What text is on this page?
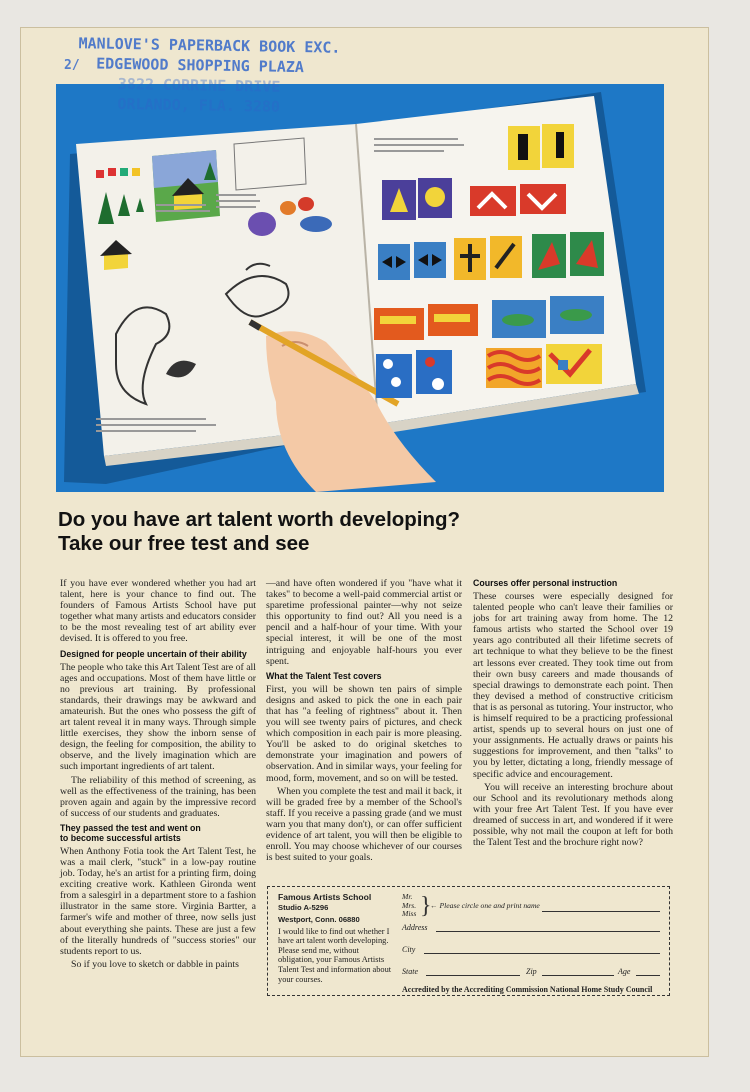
MANLOVE'S PAPERBACK BOOK EXC.
EDGEWOOD SHOPPING PLAZA
3822 CORRINE DRIVE
ORLANDO, FLA. 3280
2/
Do you have art talent worth developing?
Take our free test and see

If you have ever wondered whether you had art talent, here is your chance to find out. The founders of Famous Artists School have put together what many artists and educators consider to be the most revealing test of art ability ever devised. It is offered to you free.

Designed for people uncertain of their ability

The people who take this Art Talent Test are of all ages and occupations. Most of them have little or no previous art training. By professional standards, their drawings may be awkward and amateurish. But the ones who possess the gift of art talent reveal it in many ways. Through simple little exercises, they show the inborn sense of design, the feeling for composition, the ability to observe, and the lively imagination which are such important ingredients of art talent.

The reliability of this method of screening, as well as the effectiveness of the training, has been proven again and again by the impressive record of success of our students and graduates.

They passed the test and went on
to become successful artists

When Anthony Fotia took the Art Talent Test, he was a mail clerk, "stuck" in a low-pay routine job. Today, he's an artist for a printing firm, doing exciting creative work. Kathleen Gironda went from a salesgirl in a department store to a fashion illustrator in the same store. Virginia Bartter, a farmer's wife and mother of three, now sells just about everything she paints. These are just a few of the literally hundreds of "success stories" our students report to us.

So if you love to sketch or dabble in paints

—and have often wondered if you "have what it takes" to become a well-paid commercial artist or sparetime professional painter—why not seize this opportunity to find out? All you need is a pencil and a half-hour of your time. With your special interest, it will be one of the most intriguing and enjoyable half-hours you ever spent.

What the Talent Test covers

First, you will be shown ten pairs of simple designs and asked to pick the one in each pair that has "a feeling of rightness" about it. Then you will see twenty pairs of pictures, and check which composition in each pair is more pleasing. You'll be asked to do original sketches to demonstrate your imagination and powers of observation. And in similar ways, your feeling for mood, form, movement, and so on will be tested.

When you complete the test and mail it back, it will be graded free by a member of the School's staff. If you receive a passing grade (and we must warn you that many don't), or can offer sufficient evidence of art talent, you will then be eligible to enroll. You may choose whichever of our courses is best suited to your goals.

Courses offer personal instruction

These courses were especially designed for talented people who can't leave their families or jobs for art training away from home. The 12 famous artists who started the School over 19 years ago contributed all their lifetime secrets of art technique to what they believe to be the finest art lessons ever created. They took time out from their own busy careers and made thousands of special drawings to demonstrate each point. Then they devised a method of constructive criticism that is as personal as tutoring. Your instructor, who is himself required to be a practicing professional artist, spends up to several hours on just one of your assignments. He actually draws or paints his suggestions for improvement, and then "talks" to you by letter, dictating a long, friendly message of specific advice and encouragement.

You will receive an interesting brochure about our School and its revolutionary methods along with your free Art Talent Test. If you have ever dreamed of success in art, and wondered if it were possible, why not mail the coupon at left for both the Talent Test and the brochure right now?

Famous Artists School
Studio A-5296
Westport, Conn. 06880
I would like to find out whether I have art talent worth developing. Please send me, without obligation, your Famous Artists Talent Test and information about your courses.
Mr.
Mrs.
Miss }
← Please circle one and print name
Address
City
State	Zip	Age
Accredited by the Accrediting Commission National Home Study Council
